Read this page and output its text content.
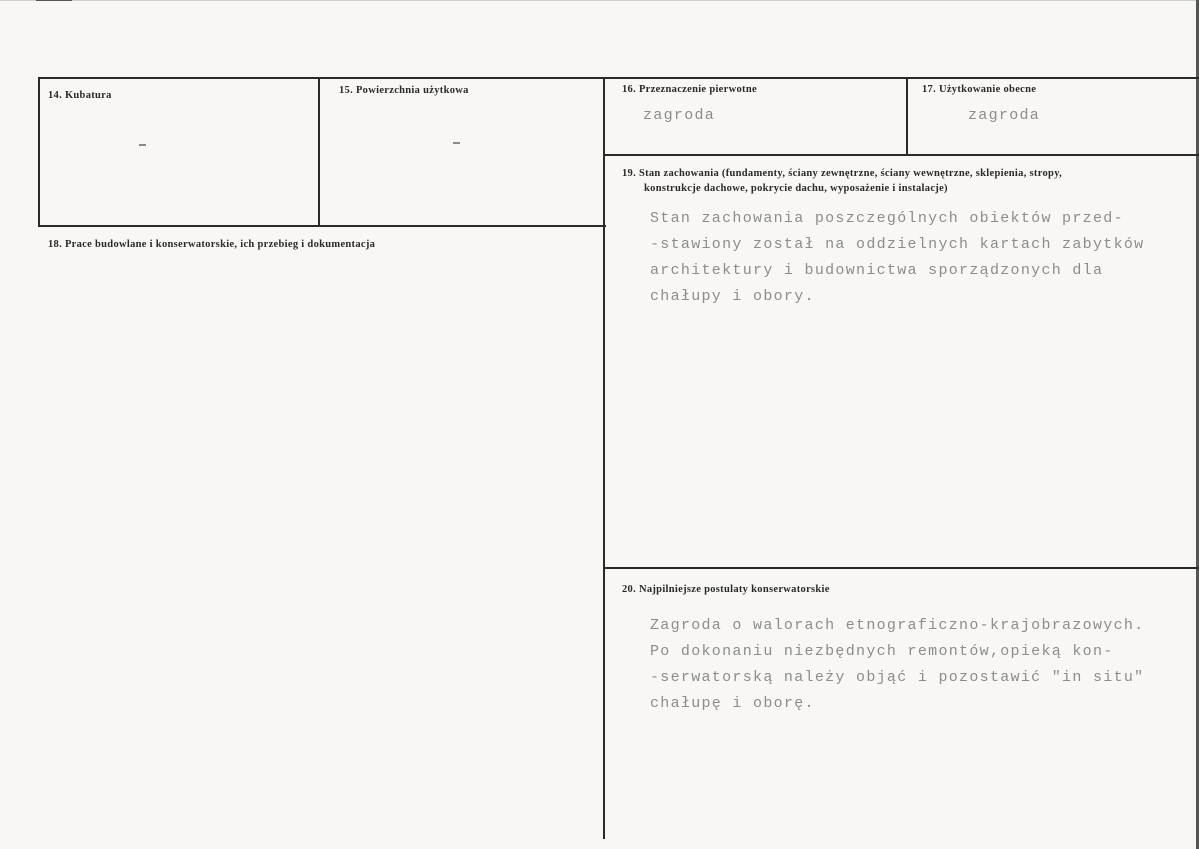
14. Kubatura	15. Powierzchnia użytkowa	16. Przeznaczenie pierwotne
zagroda
17. Użytkowanie obecne
zagroda
18. Prace budowlane i konserwatorskie, ich przebieg i dokumentacja
19. Stan zachowania (fundamenty, ściany zewnętrzne, ściany wewnętrzne, sklepienia, stropy,
konstrukcje dachowe, pokrycie dachu, wyposażenie i instalacje)
Stan zachowania poszczególnych obiektów przed-
-stawiony został na oddzielnych kartach zabytków
architektury i budownictwa sporządzonych dla
chałupy i obory.
20. Najpilniejsze postulaty konserwatorskie
Zagroda o walorach etnograficzno-krajobrazowych.
Po dokonaniu niezbędnych remontów,opieką kon-
-serwatorską należy objąć i pozostawić "in situ"
chałupę i oborę.
